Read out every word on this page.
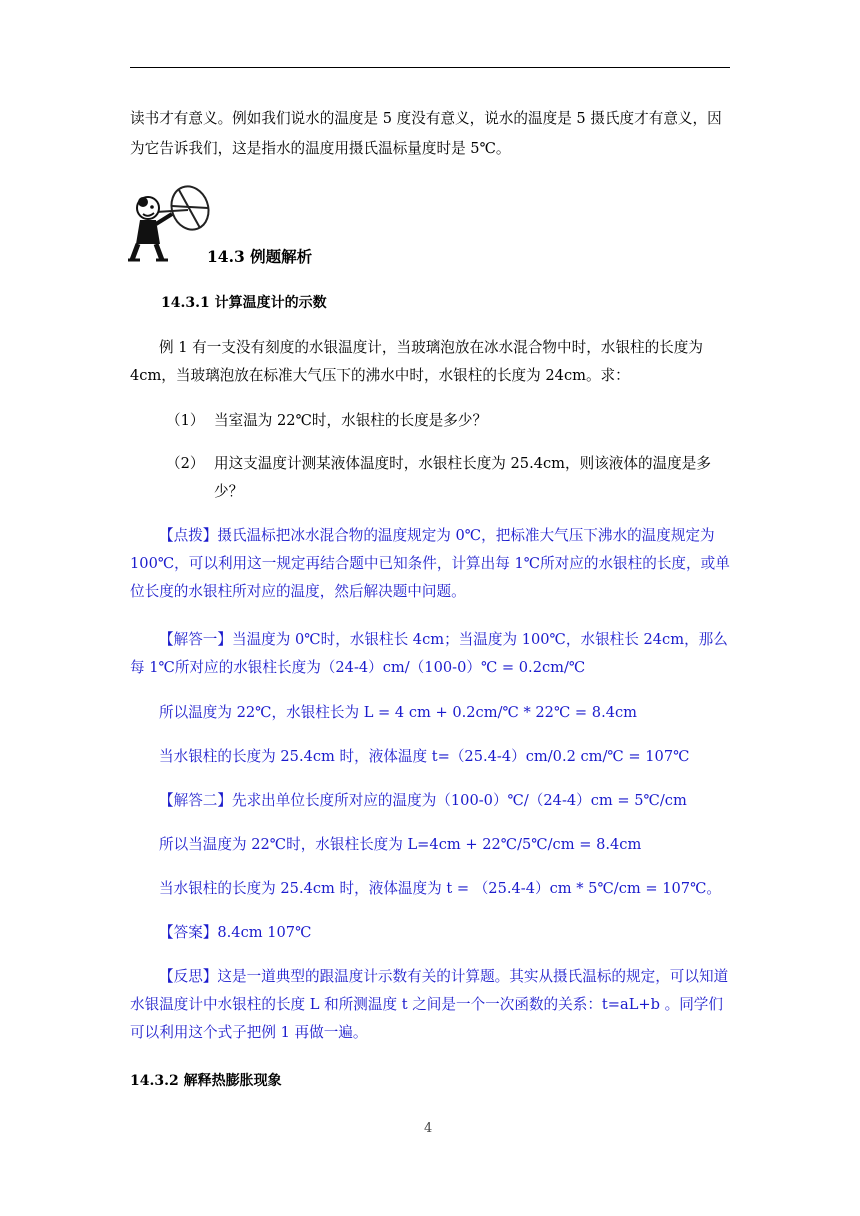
读书才有意义。例如我们说水的温度是 5 度没有意义，说水的温度是 5 摄氏度才有意义，因

为它告诉我们，这是指水的温度用摄氏温标量度时是 5℃。

14.3 例题解析
14.3.1 计算温度计的示数

例 1 有一支没有刻度的水银温度计，当玻璃泡放在冰水混合物中时，水银柱的长度为 4cm，当玻璃泡放在标准大气压下的沸水中时，水银柱的长度为 24cm。求：

（1） 当室温为 22℃时，水银柱的长度是多少？
（2） 用这支温度计测某液体温度时，水银柱长度为 25.4cm，则该液体的温度是多少？

【点拨】摄氏温标把冰水混合物的温度规定为 0℃，把标准大气压下沸水的温度规定为 100℃，可以利用这一规定再结合题中已知条件，计算出每 1℃所对应的水银柱的长度，或单位长度的水银柱所对应的温度，然后解决题中问题。

【解答一】当温度为 0℃时，水银柱长 4cm；当温度为 100℃，水银柱长 24cm，那么每 1℃所对应的水银柱长度为（24-4）cm/（100-0）℃ = 0.2cm/℃

所以温度为 22℃，水银柱长为 L = 4 cm + 0.2cm/℃ * 22℃ = 8.4cm

当水银柱的长度为 25.4cm 时，液体温度 t=（25.4-4）cm/0.2 cm/℃ = 107℃

【解答二】先求出单位长度所对应的温度为（100-0）℃/（24-4）cm = 5℃/cm

所以当温度为 22℃时，水银柱长度为 L=4cm + 22℃/5℃/cm = 8.4cm

当水银柱的长度为 25.4cm 时，液体温度为 t = （25.4-4）cm * 5℃/cm = 107℃。

【答案】8.4cm 107℃

【反思】这是一道典型的跟温度计示数有关的计算题。其实从摄氏温标的规定，可以知道水银温度计中水银柱的长度 L 和所测温度 t 之间是一个一次函数的关系：t=aL+b 。同学们可以利用这个式子把例 1 再做一遍。

14.3.2 解释热膨胀现象
4
